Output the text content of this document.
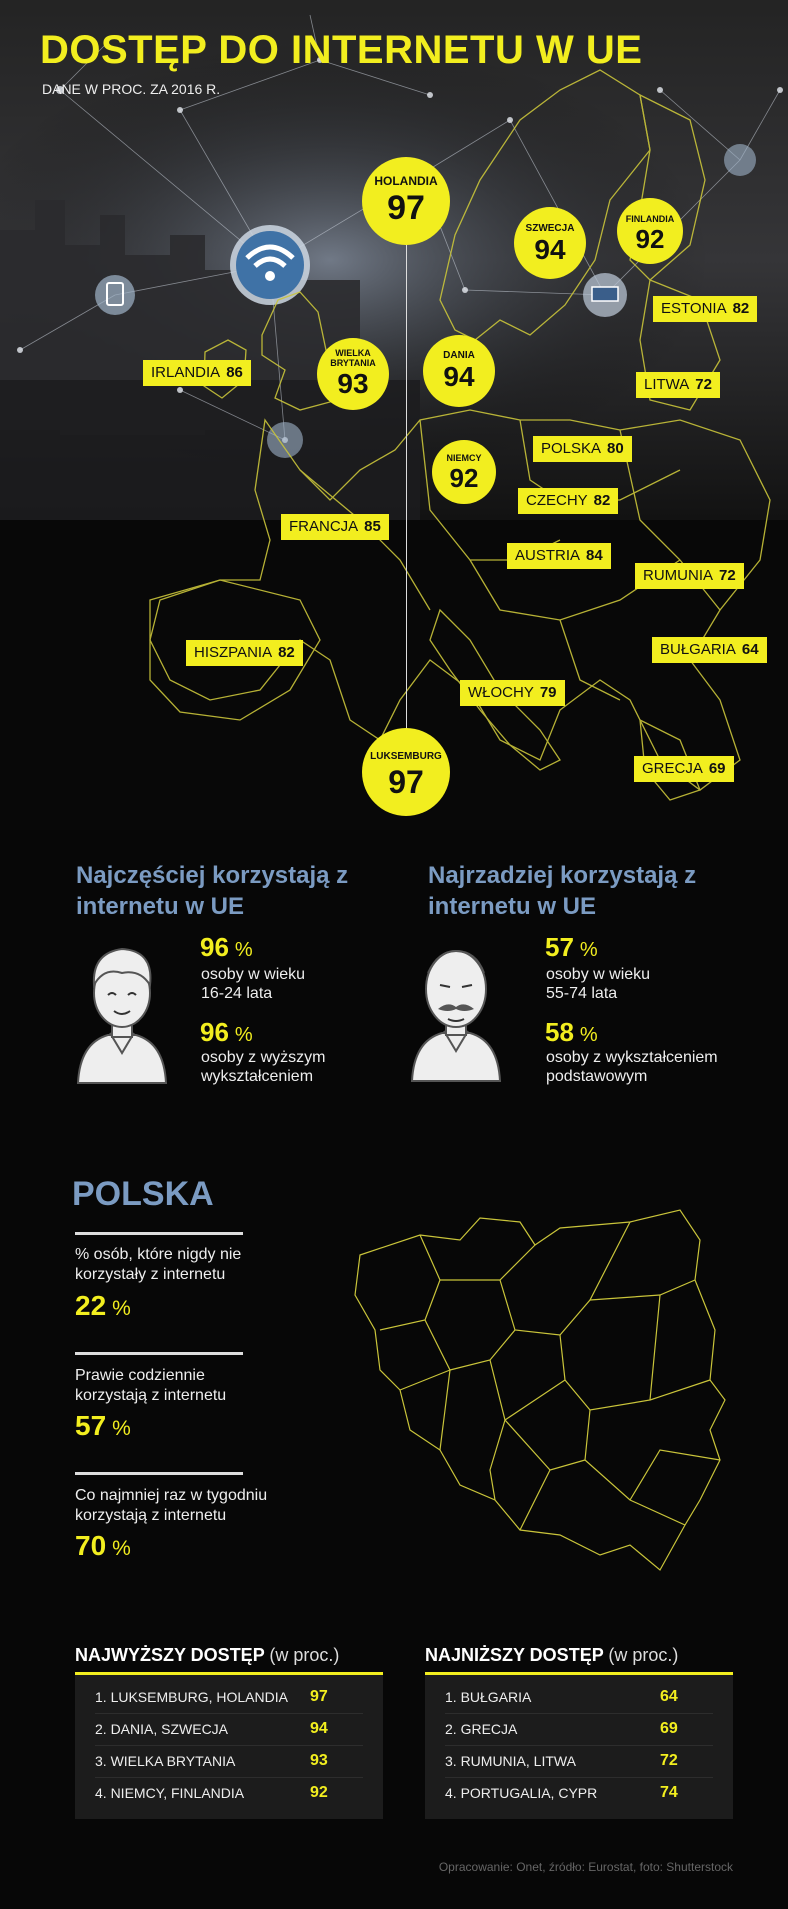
DOSTĘP DO INTERNETU W UE
DANE W PROC. ZA 2016 R.
HOLANDIA
97
SZWECJA
94
FINLANDIA
92
WIELKA BRYTANIA
93
DANIA
94
NIEMCY
92
LUKSEMBURG
97
ESTONIA 82
IRLANDIA 86
LITWA 72
POLSKA 80
CZECHY 82
FRANCJA 85
AUSTRIA 84
RUMUNIA 72
BUŁGARIA 64
HISZPANIA 82
WŁOCHY 79
GRECJA 69
Najczęściej korzystają z internetu w UE
Najrzadziej korzystają z internetu w UE
96 %
osoby w wieku 16-24 lata
96 %
osoby z wyższym wykształceniem
57 %
osoby w wieku 55-74 lata
58 %
osoby z wykształceniem podstawowym
POLSKA
% osób, które nigdy nie korzystały z internetu
22 %
Prawie codziennie korzystają z internetu
57 %
Co najmniej raz w tygodniu korzystają z internetu
70 %
NAJWYŻSZY DOSTĘP (w proc.)	NAJNIŻSZY DOSTĘP (w proc.)
1. LUKSEMBURG, HOLANDIA 97
2. DANIA, SZWECJA	94
3. WIELKA BRYTANIA	93
4. NIEMCY, FINLANDIA	92
1. BUŁGARIA	64
2. GRECJA	69
3. RUMUNIA, LITWA	72
4. PORTUGALIA, CYPR	74
Opracowanie: Onet, źródło: Eurostat, foto: Shutterstock
